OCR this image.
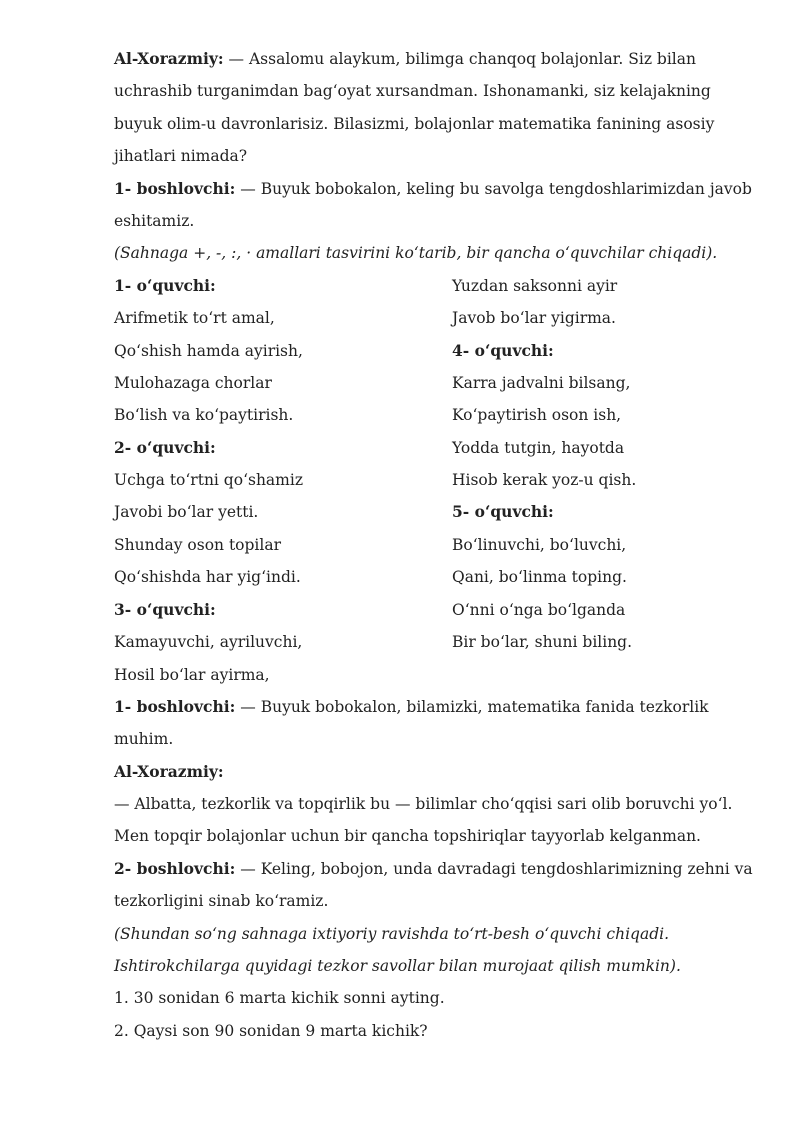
Al-Xorazmiy: — Assalomu alaykum, bilimga chanqoq bolajonlar. Siz bilan
uchrashib turganimdan bag‘oyat xursandman. Ishonamanki, siz kelajakning
buyuk olim-u davronlarisiz. Bilasizmi, bolajonlar matematika fanining asosiy
jihatlari nimada?
1- boshlovchi: — Buyuk bobokalon, keling bu savolga tengdoshlarimizdan javob
eshitamiz.
(Sahnaga +, -, :, · amallari tasvirini ko‘tarib, bir qancha o‘quvchilar chiqadi).
1- o‘quvchi:
Arifmetik to‘rt amal,
Qo‘shish hamda ayirish,
Mulohazaga chorlar
Bo‘lish va ko‘paytirish.
2- o‘quvchi:
Uchga to‘rtni qo‘shamiz
Javobi bo‘lar yetti.
Shunday oson topilar
Qo‘shishda har yig‘indi.
3- o‘quvchi:
Kamayuvchi, ayriluvchi,
Yuzdan saksonni ayir
Javob bo‘lar yigirma.
4- o‘quvchi:
Karra jadvalni bilsang,
Ko‘paytirish oson ish,
Yodda tutgin, hayotda
Hisob kerak yoz-u qish.
5- o‘quvchi:
Bo‘linuvchi, bo‘luvchi,
Qani, bo‘linma toping.
O‘nni o‘nga bo‘lganda
Bir bo‘lar, shuni biling.
Hosil bo‘lar ayirma,
1- boshlovchi: — Buyuk bobokalon, bilamizki, matematika fanida tezkorlik
muhim.
Al-Xorazmiy:
— Albatta, tezkorlik va topqirlik bu — bilimlar cho‘qqisi sari olib boruvchi yo‘l.
Men topqir bolajonlar uchun bir qancha topshiriqlar tayyorlab kelganman.
2- boshlovchi: — Keling, bobojon, unda davradagi tengdoshlarimizning zehni va
tezkorligini sinab ko‘ramiz.
(Shundan so‘ng sahnaga ixtiyoriy ravishda to‘rt-besh o‘quvchi chiqadi.
Ishtirokchilarga quyidagi tezkor savollar bilan murojaat qilish mumkin).
1. 30 sonidan 6 marta kichik sonni ayting.
2. Qaysi son 90 sonidan 9 marta kichik?
